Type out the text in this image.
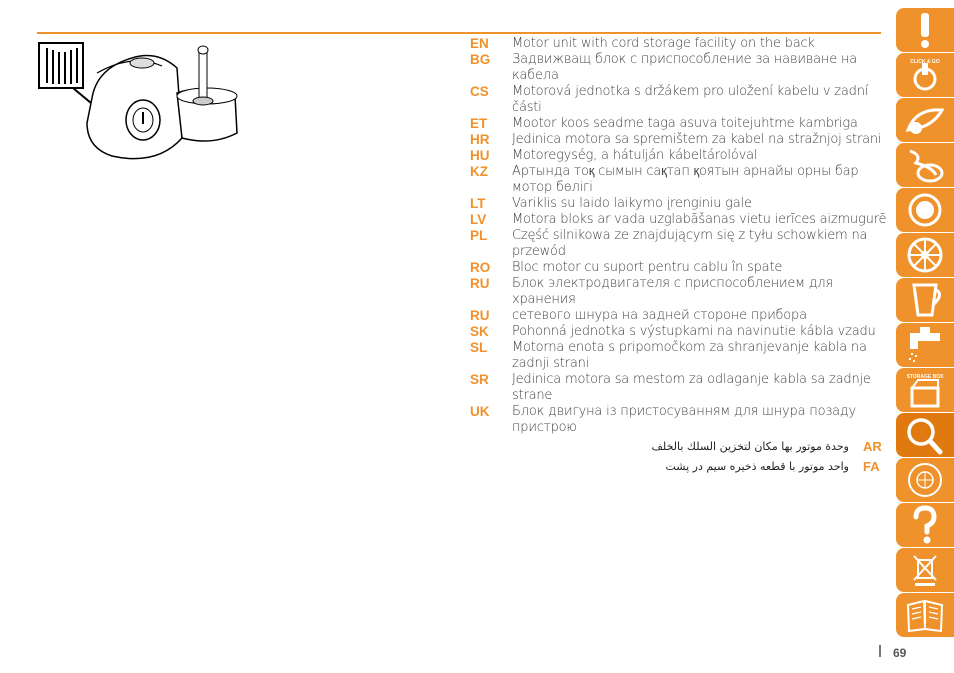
EN	Motor unit with cord storage facility on the back
BG	Задвижващ блок с приспособление за навиване на кабела
CS	Motorová jednotka s držákem pro uložení kabelu v zadní části
ET	Mootor koos seadme taga asuva toitejuhtme kambriga
HR	Jedinica motora sa spremištem za kabel na stražnjoj strani
HU	Motoregység, a hátulján kábeltárolóval
KZ	Артында тоқ сымын сақтап қоятын арнайы орны бар мотор бөлігі
LT	Variklis su laido laikymo įrenginiu gale
LV	Motora bloks ar vada uzglabāšanas vietu ierīces aizmugurē
PL	Część silnikowa ze znajdującym się z tyłu schowkiem na przewód
RO	Bloc motor cu suport pentru cablu în spate
RU	Блок электродвигателя с приспособлением для хранения
RU	сетевого шнура на задней стороне прибора
SK	Pohonná jednotka s výstupkami na navinutie kábla vzadu
SL	Motorna enota s pripomočkom za shranjevanje kabla na zadnji strani
SR	Jedinica motora sa mestom za odlaganje kabla sa zadnje strane
UK	Блок двигуна із пристосуванням для шнура позаду пристрою
وحدة موتور بها مكان لتخزين السلك بالخلف AR
واحد موتور با قطعه ذخيره سيم در پشت FA
CLICK & GO
STORAGE BOX
69
